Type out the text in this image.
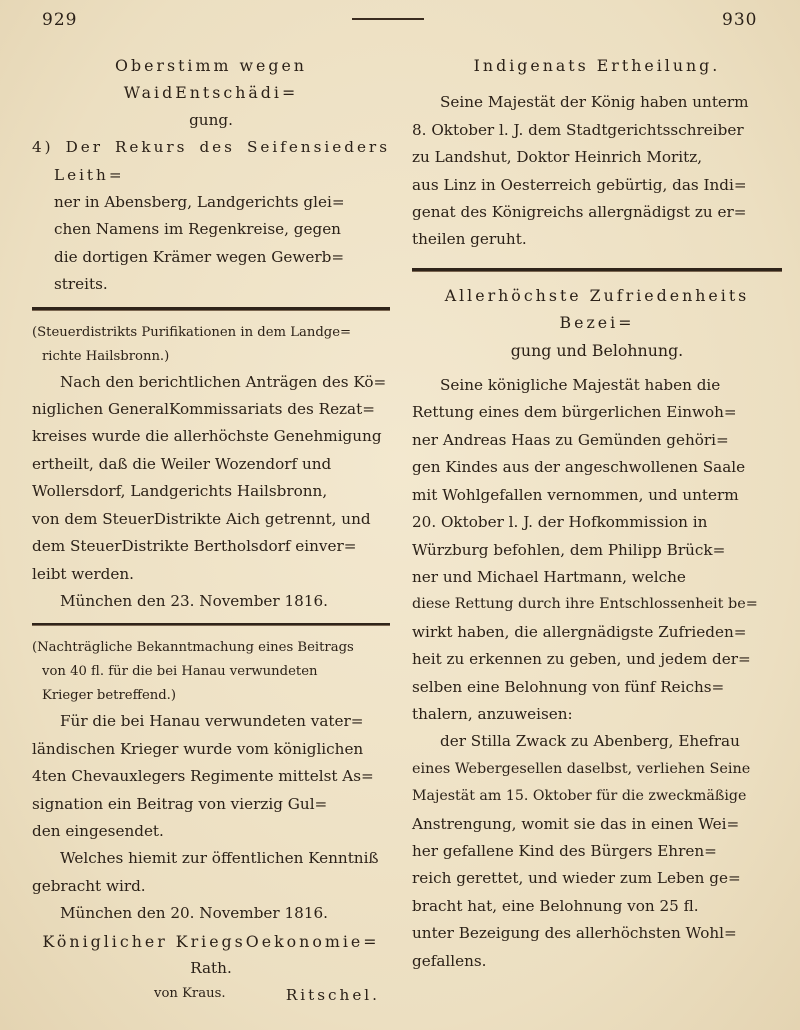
929	930

Oberstimm wegen WaidEntschädi=

gung.

4) Der Rekurs des Seifensieders Leith=

ner in Abensberg, Landgerichts glei=

chen Namens im Regenkreise, gegen

die dortigen Krämer wegen Gewerb=

streits.

(Steuerdistrikts Purifikationen in dem Landge=

richte Hailsbronn.)

Nach den berichtlichen Anträgen des Kö=

niglichen GeneralKommissariats des Rezat=

kreises wurde die allerhöchste Genehmigung

ertheilt, daß die Weiler Wozendorf und

Wollersdorf, Landgerichts Hailsbronn,

von dem SteuerDistrikte Aich getrennt, und

dem SteuerDistrikte Bertholsdorf einver=

leibt werden.

München den 23. November 1816.

(Nachträgliche Bekanntmachung eines Beitrags

von 40 fl. für die bei Hanau verwundeten

Krieger betreffend.)

Für die bei Hanau verwundeten vater=

ländischen Krieger wurde vom königlichen

4ten Chevauxlegers Regimente mittelst As=

signation ein Beitrag von vierzig Gul=

den eingesendet.

Welches hiemit zur öffentlichen Kenntniß

gebracht wird.

München den 20. November 1816.

Königlicher KriegsOekonomie=

Rath.

von Kraus.	Ritschel.

Indigenats Ertheilung.

Seine Majestät der König haben unterm

8. Oktober l. J. dem Stadtgerichtsschreiber

zu Landshut, Doktor Heinrich Moritz,

aus Linz in Oesterreich gebürtig, das Indi=

genat des Königreichs allergnädigst zu er=

theilen geruht.

Allerhöchste Zufriedenheits Bezei=

gung und Belohnung.

Seine königliche Majestät haben die

Rettung eines dem bürgerlichen Einwoh=

ner Andreas Haas zu Gemünden gehöri=

gen Kindes aus der angeschwollenen Saale

mit Wohlgefallen vernommen, und unterm

20. Oktober l. J. der Hofkommission in

Würzburg befohlen, dem Philipp Brück=

ner und Michael Hartmann, welche

diese Rettung durch ihre Entschlossenheit be=

wirkt haben, die allergnädigste Zufrieden=

heit zu erkennen zu geben, und jedem der=

selben eine Belohnung von fünf Reichs=

thalern, anzuweisen:

der Stilla Zwack zu Abenberg, Ehefrau

eines Webergesellen daselbst, verliehen Seine

Majestät am 15. Oktober für die zweckmäßige

Anstrengung, womit sie das in einen Wei=

her gefallene Kind des Bürgers Ehren=

reich gerettet, und wieder zum Leben ge=

bracht hat, eine Belohnung von 25 fl.

unter Bezeigung des allerhöchsten Wohl=

gefallens.
